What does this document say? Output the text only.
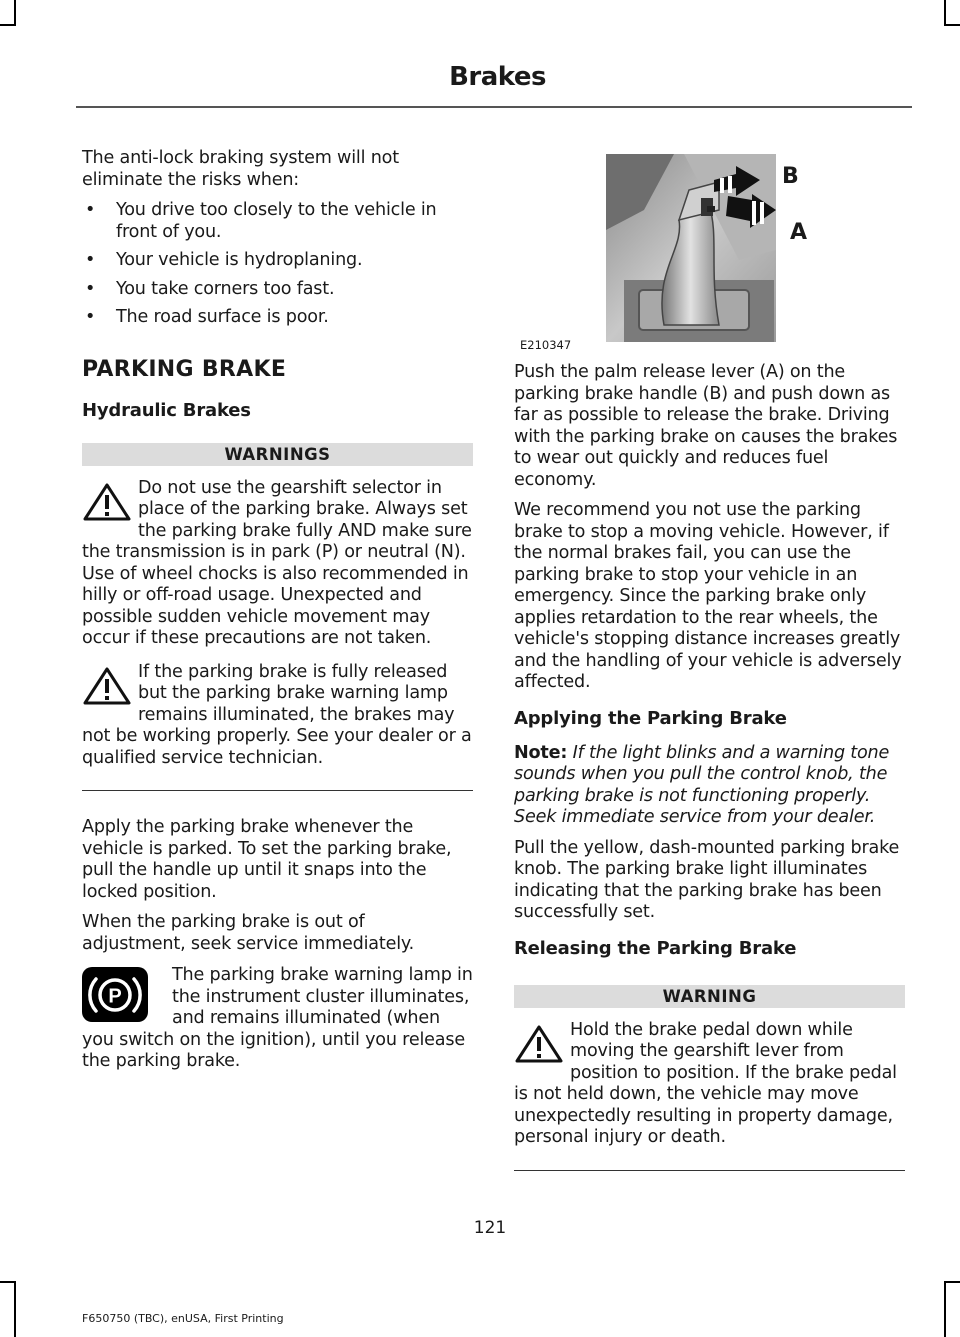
Brakes

The anti-lock braking system will not eliminate the risks when:

• You drive too closely to the vehicle in front of you.
• Your vehicle is hydroplaning.
• You take corners too fast.
• The road surface is poor.
PARKING BRAKE
Hydraulic Brakes
WARNINGS
Do not use the gearshift selector in place of the parking brake. Always set the parking brake fully AND make sure the transmission is in park (P) or neutral (N). Use of wheel chocks is also recommended in hilly or off-road usage. Unexpected and possible sudden vehicle movement may occur if these precautions are not taken.
If the parking brake is fully released but the parking brake warning lamp remains illuminated, the brakes may not be working properly. See your dealer or a qualified service technician.

Apply the parking brake whenever the vehicle is parked. To set the parking brake, pull the handle up until it snaps into the locked position.

When the parking brake is out of adjustment, seek service immediately.

P
The parking brake warning lamp in the instrument cluster illuminates, and remains illuminated (when you switch on the ignition), until you release the parking brake.
B
A
E210347

Push the palm release lever (A) on the parking brake handle (B) and push down as far as possible to release the brake. Driving with the parking brake on causes the brakes to wear out quickly and reduces fuel economy.

We recommend you not use the parking brake to stop a moving vehicle. However, if the normal brakes fail, you can use the parking brake to stop your vehicle in an emergency. Since the parking brake only applies retardation to the rear wheels, the vehicle's stopping distance increases greatly and the handling of your vehicle is adversely affected.

Applying the Parking Brake

Note: If the light blinks and a warning tone sounds when you pull the control knob, the parking brake is not functioning properly. Seek immediate service from your dealer.

Pull the yellow, dash-mounted parking brake knob. The parking brake light illuminates indicating that the parking brake has been successfully set.

Releasing the Parking Brake
WARNING
Hold the brake pedal down while moving the gearshift lever from position to position. If the brake pedal is not held down, the vehicle may move unexpectedly resulting in property damage, personal injury or death.
121
F650750 (TBC), enUSA, First Printing
